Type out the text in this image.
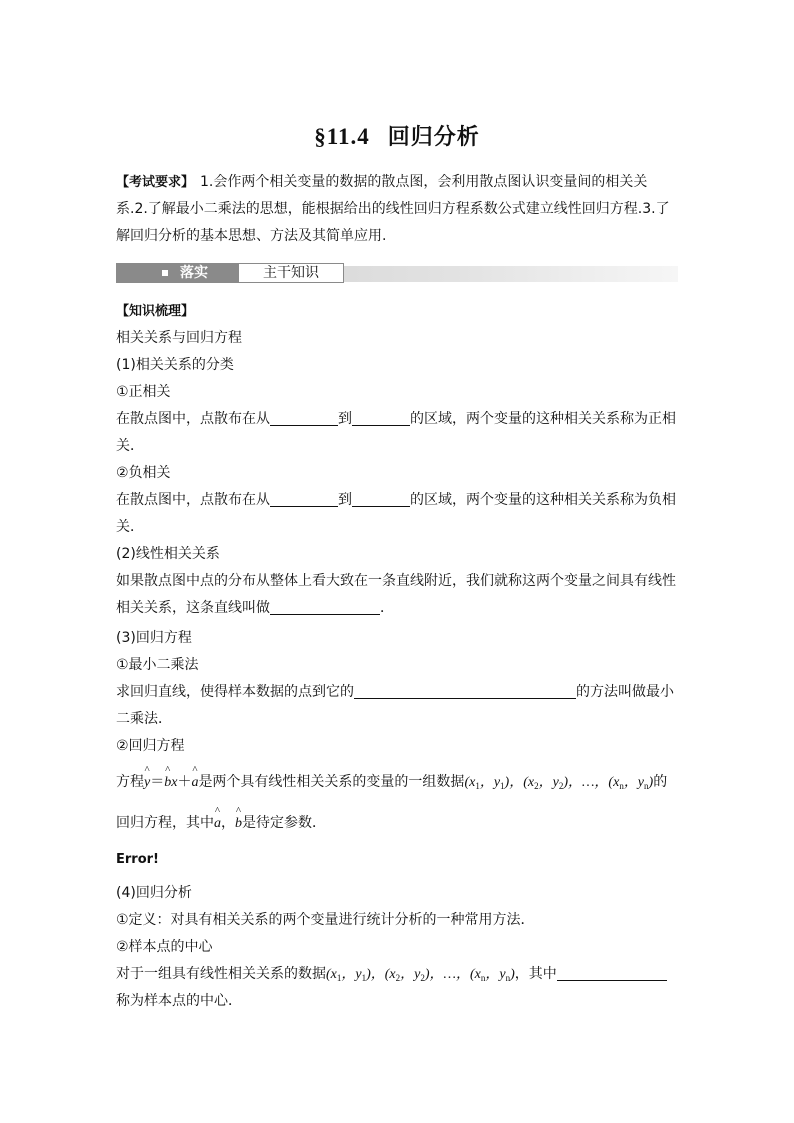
§11.4 回归分析
【考试要求】 1.会作两个相关变量的数据的散点图，会利用散点图认识变量间的相关关系.2.了解最小二乘法的思想，能根据给出的线性回归方程系数公式建立线性回归方程.3.了解回归分析的基本思想、方法及其简单应用.
落实	主干知识
【知识梳理】
相关关系与回归方程
(1)相关关系的分类
①正相关
在散点图中，点散布在从	到	的区域，两个变量的这种相关关系称为正相
关．
②负相关
在散点图中，点散布在从	到	的区域，两个变量的这种相关关系称为负相
关．
(2)线性相关关系
如果散点图中点的分布从整体上看大致在一条直线附近，我们就称这两个变量之间具有线性
相关关系，这条直线叫做	．
(3)回归方程
①最小二乘法
求回归直线，使得样本数据的点到它的	的方法叫做最小
二乘法．
②回归方程
方程^ y＝^ bx＋^ a是两个具有线性相关关系的变量的一组数据($x_1$，$y_1$)，($x_2$，$y_2$)，…，($x_n$，$y_n$)的
回归方程，其中^ a，^ b是待定参数．
Error!
(4)回归分析
①定义：对具有相关关系的两个变量进行统计分析的一种常用方法．
②样本点的中心
对于一组具有线性相关关系的数据($x_1$，$y_1$)，($x_2$，$y_2$)，…，($x_n$，$y_n$)，其中
称为样本点的中心．
